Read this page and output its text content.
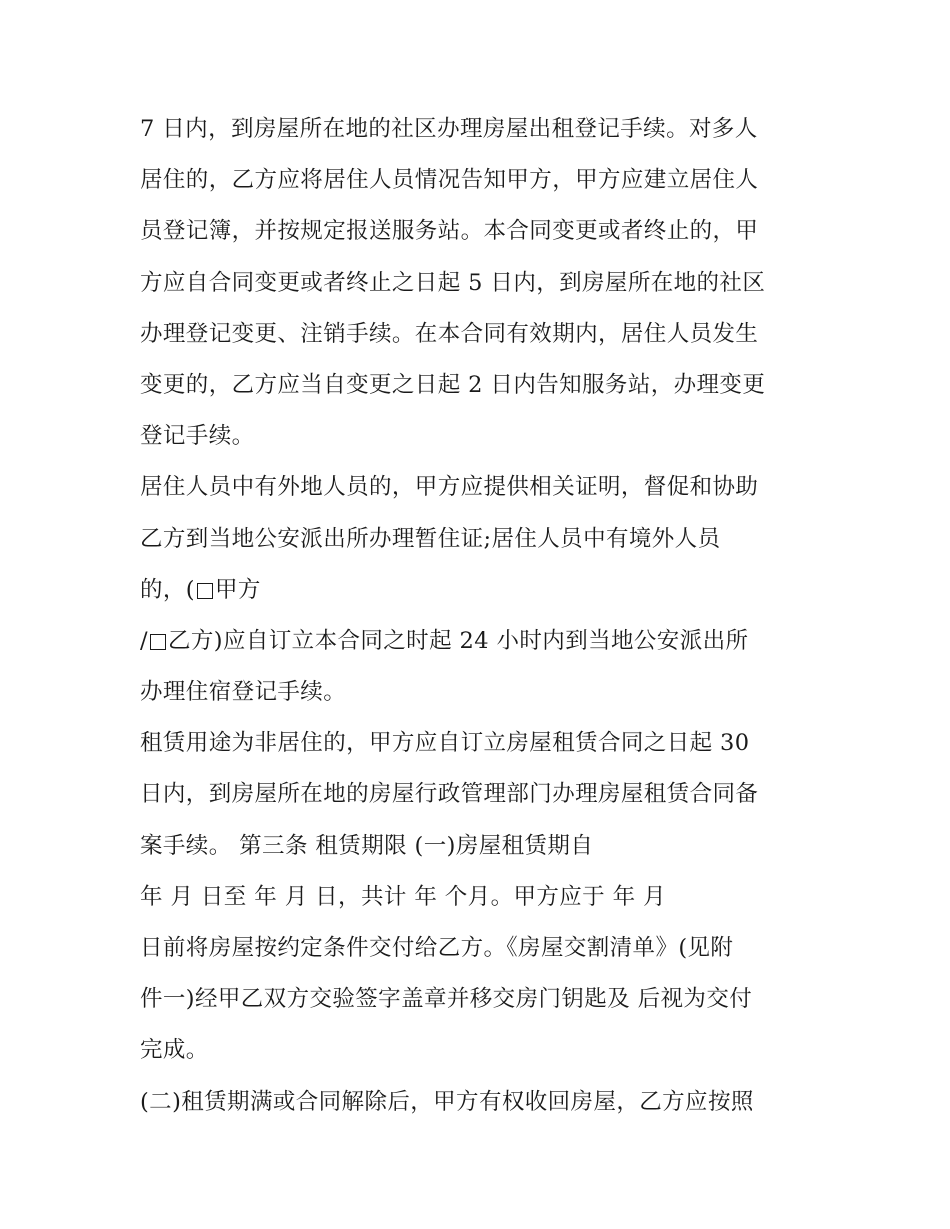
7 日内，到房屋所在地的社区办理房屋出租登记手续。对多人
居住的，乙方应将居住人员情况告知甲方，甲方应建立居住人
员登记簿，并按规定报送服务站。本合同变更或者终止的，甲
方应自合同变更或者终止之日起 5 日内，到房屋所在地的社区
办理登记变更、注销手续。在本合同有效期内，居住人员发生
变更的，乙方应当自变更之日起 2 日内告知服务站，办理变更
登记手续。
居住人员中有外地人员的，甲方应提供相关证明，督促和协助
乙方到当地公安派出所办理暂住证;居住人员中有境外人员
的，( 甲方
/ 乙方)应自订立本合同之时起 24 小时内到当地公安派出所
办理住宿登记手续。
租赁用途为非居住的，甲方应自订立房屋租赁合同之日起 30
日内，到房屋所在地的房屋行政管理部门办理房屋租赁合同备
案手续。 第三条 租赁期限 (一)房屋租赁期自
年 月 日至 年 月 日，共计 年 个月。甲方应于 年 月
日前将房屋按约定条件交付给乙方。《房屋交割清单》(见附
件一)经甲乙双方交验签字盖章并移交房门钥匙及 后视为交付
完成。
(二)租赁期满或合同解除后，甲方有权收回房屋，乙方应按照
